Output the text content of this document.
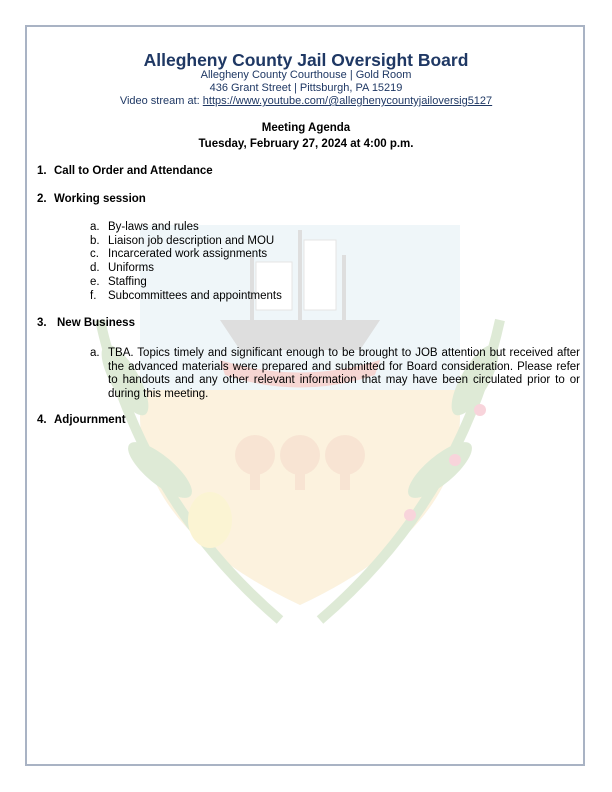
Allegheny County Jail Oversight Board
Allegheny County Courthouse | Gold Room
436 Grant Street | Pittsburgh, PA 15219
Video stream at: https://www.youtube.com/@alleghenycountyjailoversig5127
Meeting Agenda
Tuesday, February 27, 2024 at 4:00 p.m.
1. Call to Order and Attendance
2. Working session
a. By-laws and rules
b. Liaison job description and MOU
c. Incarcerated work assignments
d. Uniforms
e. Staffing
f. Subcommittees and appointments
3. New Business
a. TBA. Topics timely and significant enough to be brought to JOB attention but received after the advanced materials were prepared and submitted for Board consideration. Please refer to handouts and any other relevant information that may have been circulated prior to or during this meeting.

4. Adjournment
